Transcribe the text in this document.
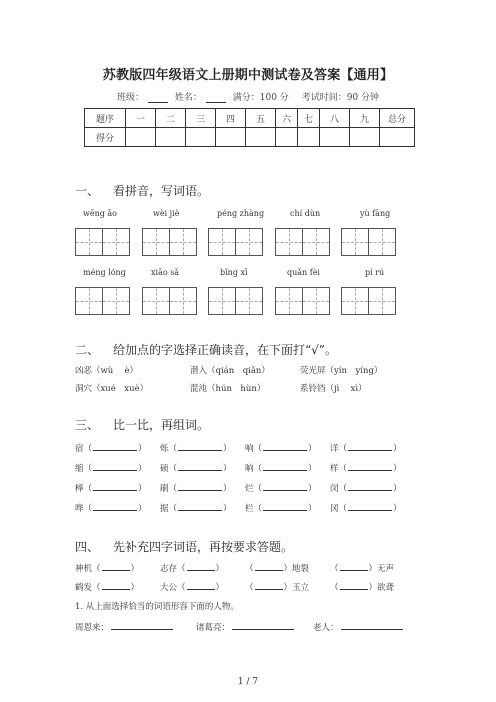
苏教版四年级语文上册期中测试卷及答案【通用】
班级：	姓名：	满分：100 分 考试时间：90 分钟
题序	一	二	三	四	五	六	七	八	九	总分
得分										
一、 看拼音，写词语。
wēng ǎo	wèi jiè	péng zhàng	chí dùn	yù fāng
méng lóng	xiāo sǎ	bǐng xī	quǎn fèi	pí rú
二、 给加点的字选择正确读音，在下面打“√”。
凶恶（wù　 è）	潜入（qián　qiǎn）	荧光屏（yín　yíng）
洞穴（xué　xuè）	混沌（hún　hùn）	系铃铛（jì　 xì）
三、 比一比，再组词。
宿（	） 烁（	） 响（	） 详（	）
缩（	） 硕（	） 晌（	） 样（	）
榉（	） 刷（	） 烂（	） 闵（	）
哗（	） 据（	） 栏（	） 冈（	）
四、 先补充四字词语，再按要求答题。
神机（	） 志存（	） （	）地裂 （	）无声
鹤发（	） 大公（	） （	）玉立 （	）欲聋
1. 从上面选择恰当的词语形容下面的人物。
周恩来：	诸葛亮：	老人：
1 / 7
